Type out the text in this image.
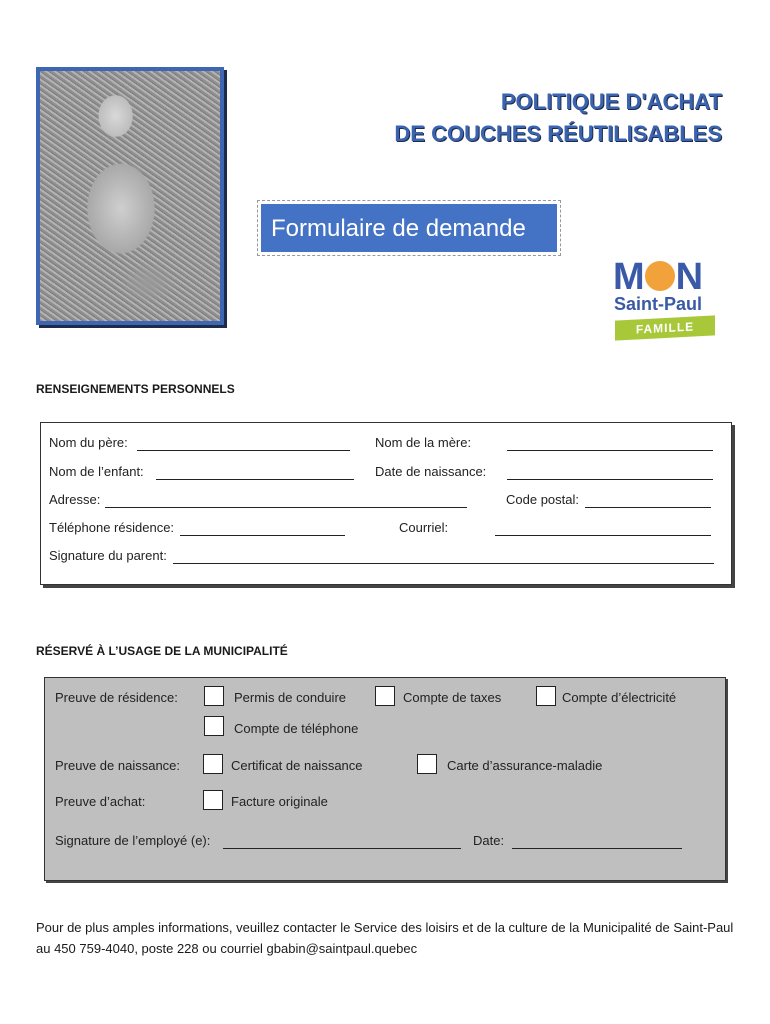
POLITIQUE D'ACHAT
DE COUCHES RÉUTILISABLES
Formulaire de demande
M N
Saint-Paul
FAMILLE
RENSEIGNEMENTS PERSONNELS
Nom du père:	Nom de la mère:
Nom de l’enfant:	Date de naissance:
Adresse:	Code postal:
Téléphone résidence:	Courriel:
Signature du parent:
RÉSERVÉ À L’USAGE DE LA MUNICIPALITÉ
Preuve de résidence:	Permis de conduire	Compte de taxes	Compte d’électricité
Compte de téléphone
Preuve de naissance:	Certificat de naissance	Carte d’assurance-maladie
Preuve d’achat:	Facture originale
Signature de l’employé (e):	Date:
Pour de plus amples informations, veuillez contacter le Service des loisirs et de la culture de la Municipalité de Saint-Paul au 450 759-4040, poste 228 ou courriel gbabin@saintpaul.quebec
